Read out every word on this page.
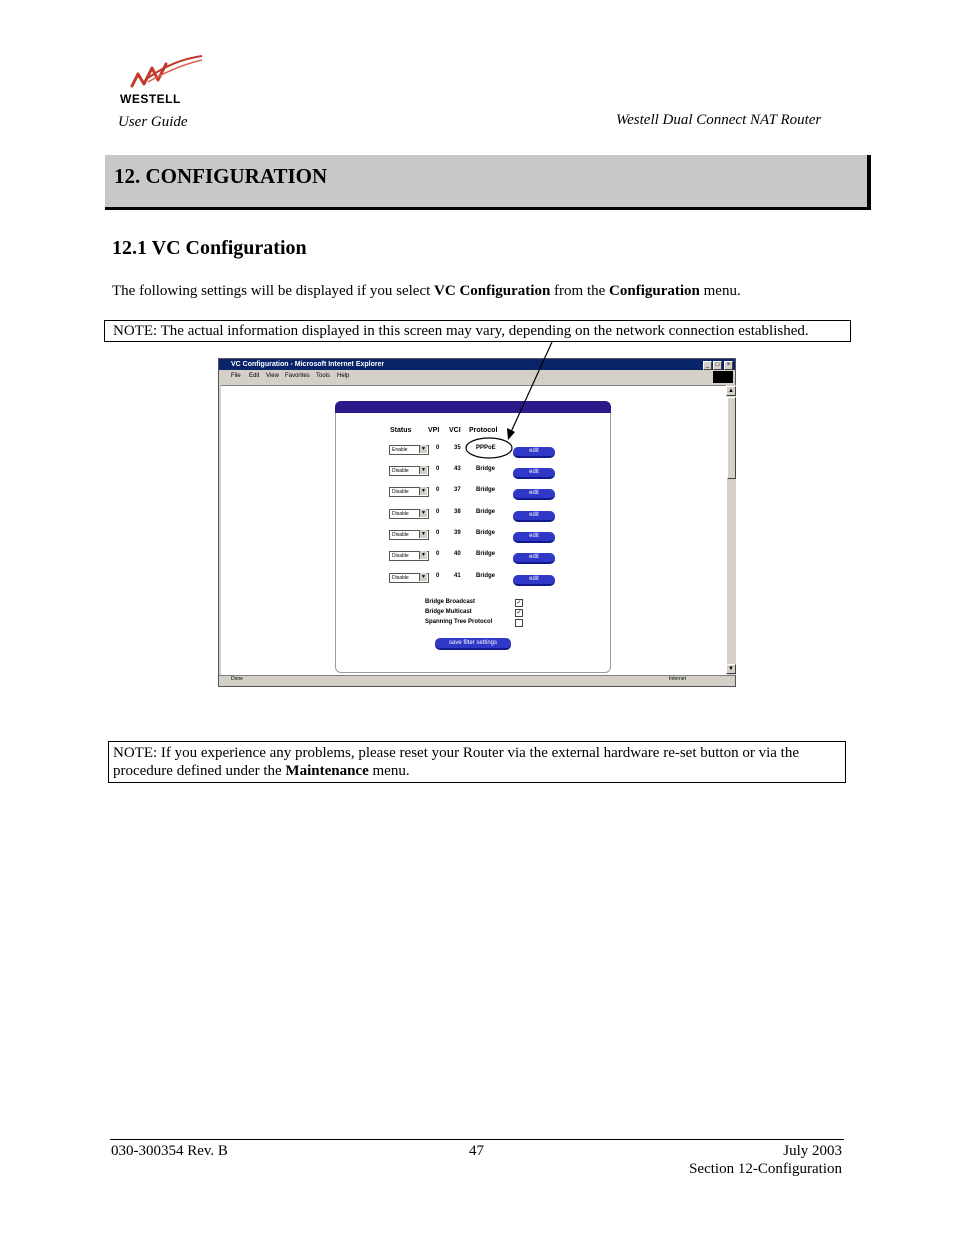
WESTELL
User Guide	Westell Dual Connect NAT Router
12. CONFIGURATION
12.1 VC Configuration
The following settings will be displayed if you select VC Configuration from the Configuration menu.
NOTE: The actual information displayed in this screen may vary, depending on the network connection established.
VC Configuration - Microsoft Internet Explorer	_	□	×
File Edit View Favorites Tools Help
▲
▼
Status VPI VCI Protocol
Enable	▼ 0 35	PPPoE	edit
Disable	▼ 0 43	Bridge	edit
Disable	▼ 0 37	Bridge	edit
Disable	▼ 0 38	Bridge	edit
Disable	▼ 0 39	Bridge	edit
Disable	▼ 0 40	Bridge	edit
Disable	▼ 0 41	Bridge	edit
Bridge Broadcast	✓
Bridge Multicast	✓
Spanning Tree Protocol
save filter settings
Done	Internet
NOTE: If you experience any problems, please reset your Router via the external hardware re-set button or via the procedure defined under the Maintenance menu.
030-300354 Rev. B	47	July 2003
Section 12-Configuration
